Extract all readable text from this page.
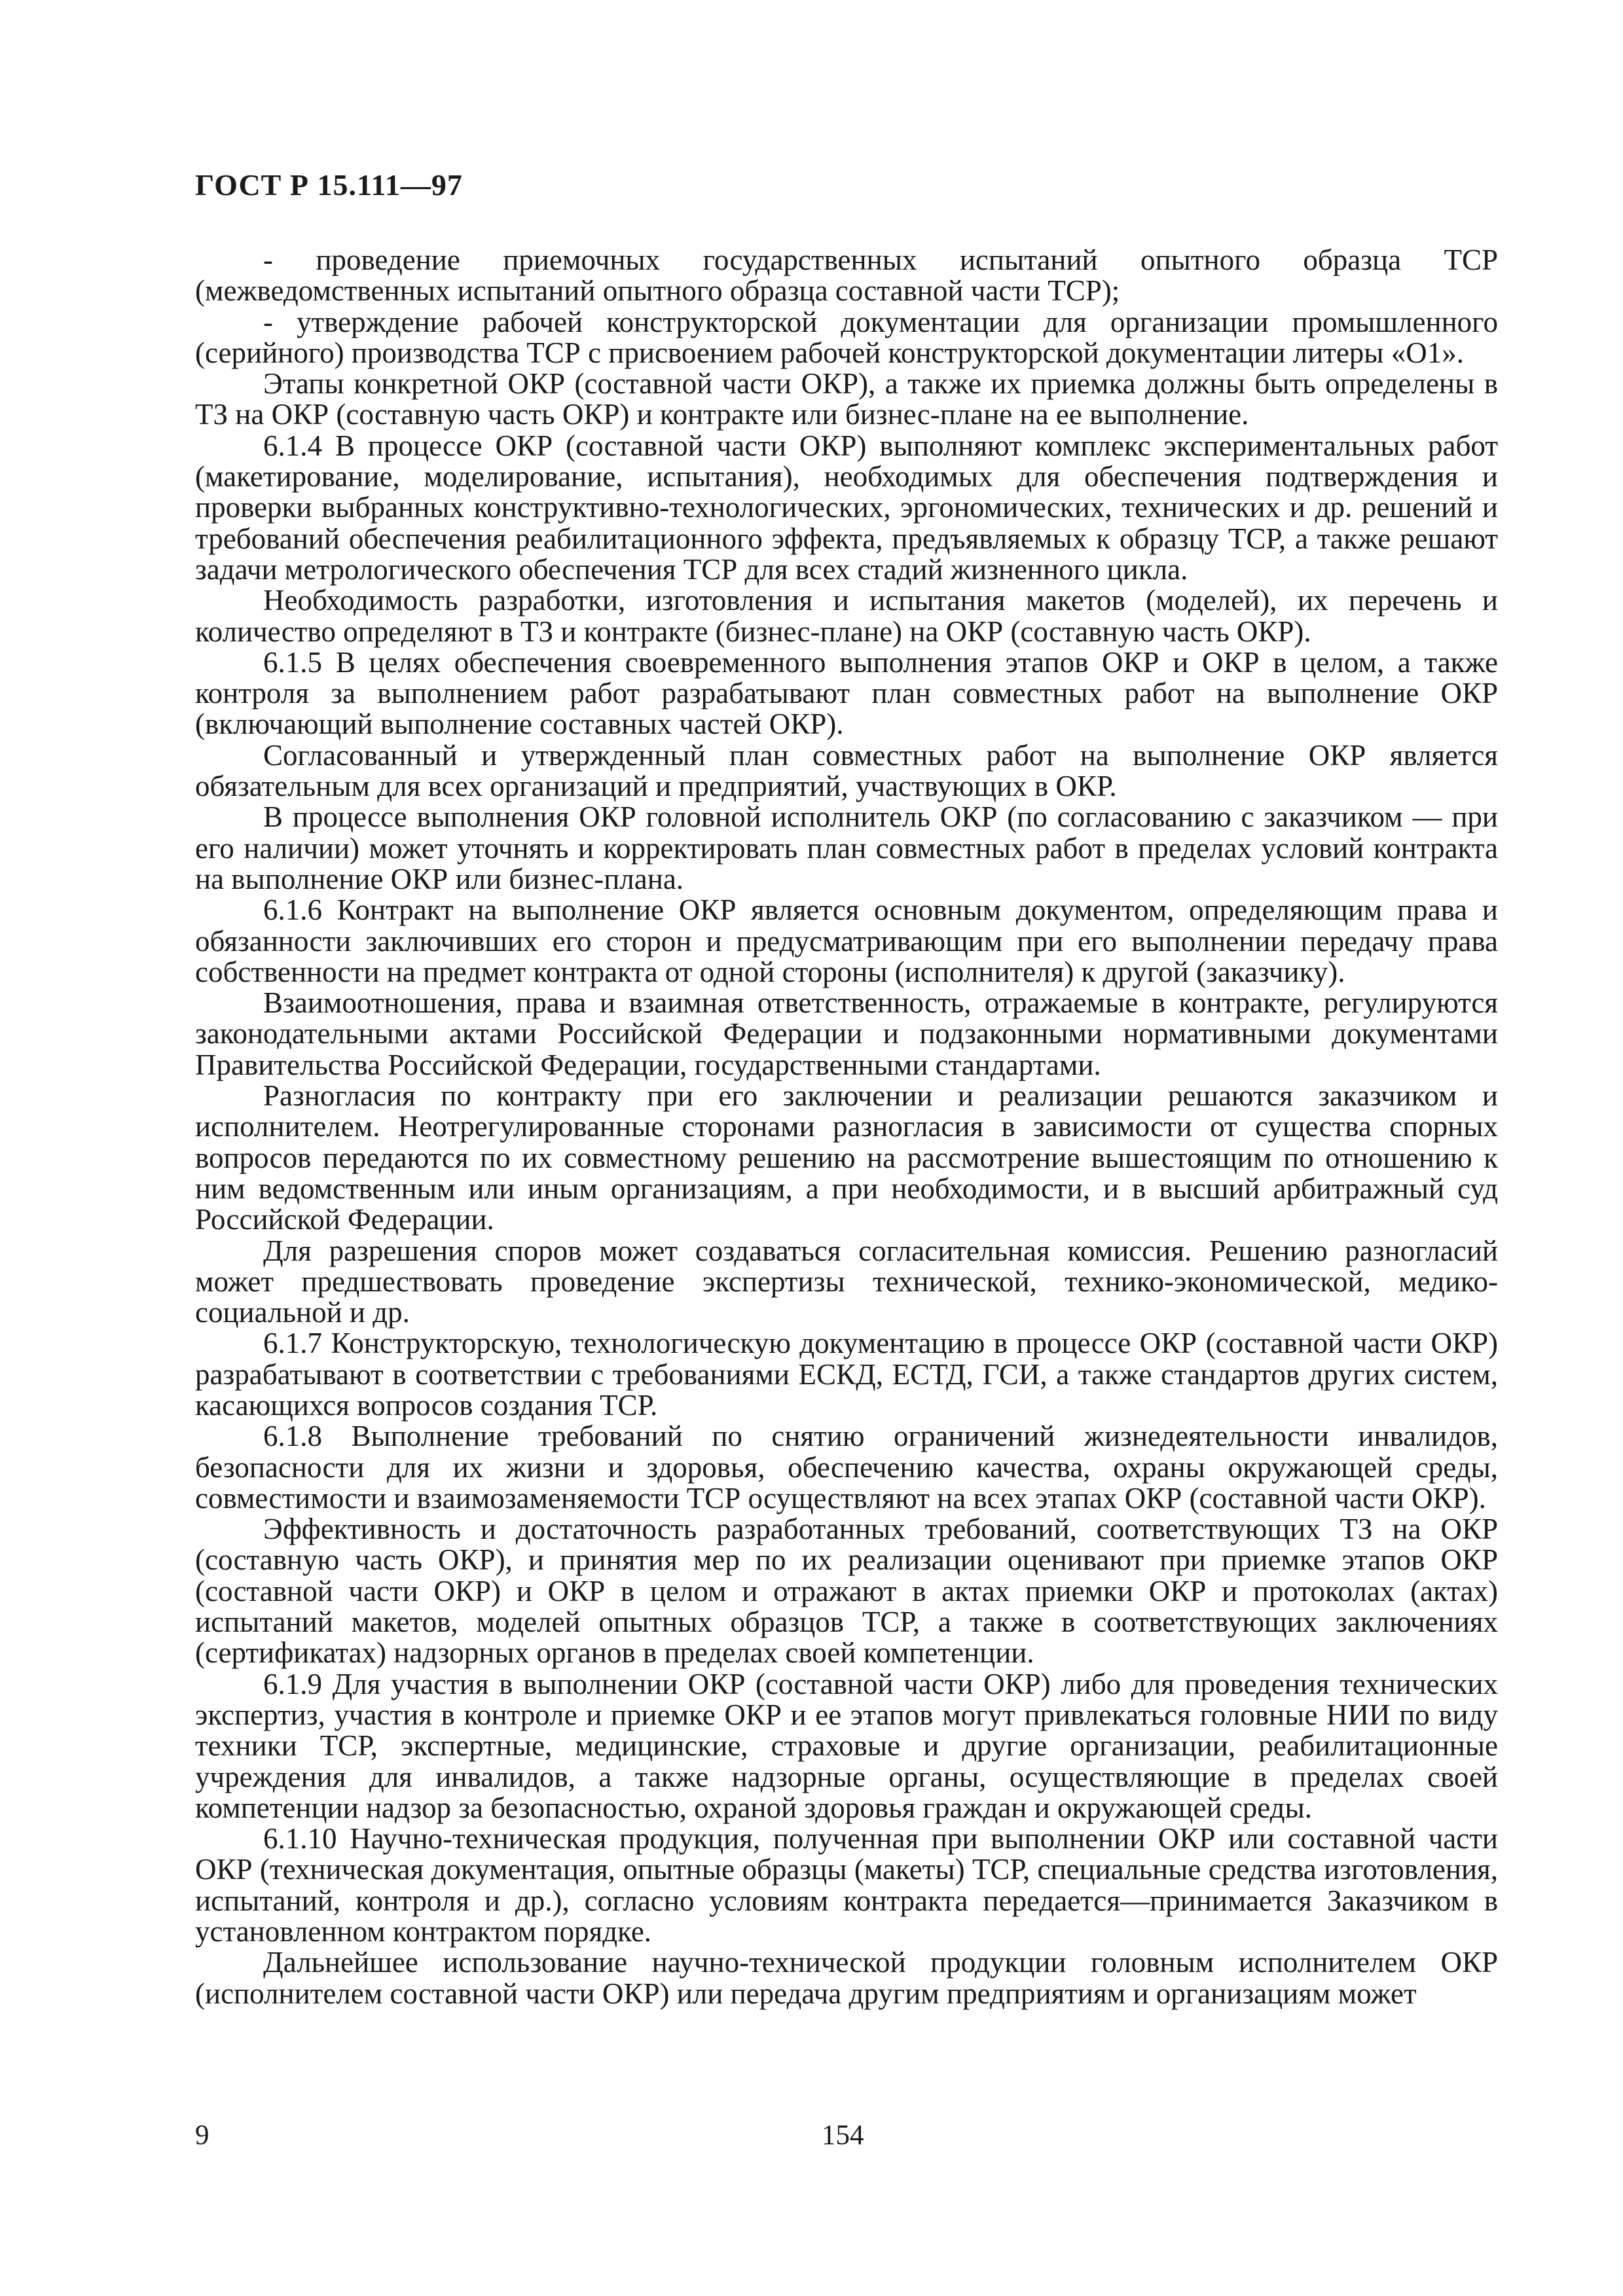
ГОСТ Р 15.111—97

- проведение приемочных государственных испытаний опытного образца ТСР (межведомственных испытаний опытного образца составной части ТСР);

- утверждение рабочей конструкторской документации для организации промышленного (серийного) производства ТСР с присвоением рабочей конструкторской документации литеры «О1».

Этапы конкретной ОКР (составной части ОКР), а также их приемка должны быть определены в ТЗ на ОКР (составную часть ОКР) и контракте или бизнес-плане на ее выполнение.

6.1.4 В процессе ОКР (составной части ОКР) выполняют комплекс экспериментальных работ (макетирование, моделирование, испытания), необходимых для обеспечения подтверждения и проверки выбранных конструктивно-технологических, эргономических, технических и др. решений и требований обеспечения реабилитационного эффекта, предъявляемых к образцу ТСР, а также решают задачи метрологического обеспечения ТСР для всех стадий жизненного цикла.

Необходимость разработки, изготовления и испытания макетов (моделей), их перечень и количество определяют в ТЗ и контракте (бизнес-плане) на ОКР (составную часть ОКР).

6.1.5 В целях обеспечения своевременного выполнения этапов ОКР и ОКР в целом, а также контроля за выполнением работ разрабатывают план совместных работ на выполнение ОКР (включающий выполнение составных частей ОКР).

Согласованный и утвержденный план совместных работ на выполнение ОКР является обязательным для всех организаций и предприятий, участвующих в ОКР.

В процессе выполнения ОКР головной исполнитель ОКР (по согласованию с заказчиком — при его наличии) может уточнять и корректировать план совместных работ в пределах условий контракта на выполнение ОКР или бизнес-плана.

6.1.6 Контракт на выполнение ОКР является основным документом, определяющим права и обязанности заключивших его сторон и предусматривающим при его выполнении передачу права собственности на предмет контракта от одной стороны (исполнителя) к другой (заказчику).

Взаимоотношения, права и взаимная ответственность, отражаемые в контракте, регулируются законодательными актами Российской Федерации и подзаконными нормативными документами Правительства Российской Федерации, государственными стандартами.

Разногласия по контракту при его заключении и реализации решаются заказчиком и исполнителем. Неотрегулированные сторонами разногласия в зависимости от существа спорных вопросов передаются по их совместному решению на рассмотрение вышестоящим по отношению к ним ведомственным или иным организациям, а при необходимости, и в высший арбитражный суд Российской Федерации.

Для разрешения споров может создаваться согласительная комиссия. Решению разногласий может предшествовать проведение экспертизы технической, технико-экономической, медико-социальной и др.

6.1.7 Конструкторскую, технологическую документацию в процессе ОКР (составной части ОКР) разрабатывают в соответствии с требованиями ЕСКД, ЕСТД, ГСИ, а также стандартов других систем, касающихся вопросов создания ТСР.

6.1.8 Выполнение требований по снятию ограничений жизнедеятельности инвалидов, безопасности для их жизни и здоровья, обеспечению качества, охраны окружающей среды, совместимости и взаимозаменяемости ТСР осуществляют на всех этапах ОКР (составной части ОКР).

Эффективность и достаточность разработанных требований, соответствующих ТЗ на ОКР (составную часть ОКР), и принятия мер по их реализации оценивают при приемке этапов ОКР (составной части ОКР) и ОКР в целом и отражают в актах приемки ОКР и протоколах (актах) испытаний макетов, моделей опытных образцов ТСР, а также в соответствующих заключениях (сертификатах) надзорных органов в пределах своей компетенции.

6.1.9 Для участия в выполнении ОКР (составной части ОКР) либо для проведения технических экспертиз, участия в контроле и приемке ОКР и ее этапов могут привлекаться головные НИИ по виду техники ТСР, экспертные, медицинские, страховые и другие организации, реабилитационные учреждения для инвалидов, а также надзорные органы, осуществляющие в пределах своей компетенции надзор за безопасностью, охраной здоровья граждан и окружающей среды.

6.1.10 Научно-техническая продукция, полученная при выполнении ОКР или составной части ОКР (техническая документация, опытные образцы (макеты) ТСР, специальные средства изготовления, испытаний, контроля и др.), согласно условиям контракта передается—принимается Заказчиком в установленном контрактом порядке.

Дальнейшее использование научно-технической продукции головным исполнителем ОКР (исполнителем составной части ОКР) или передача другим предприятиям и организациям может

9	154
